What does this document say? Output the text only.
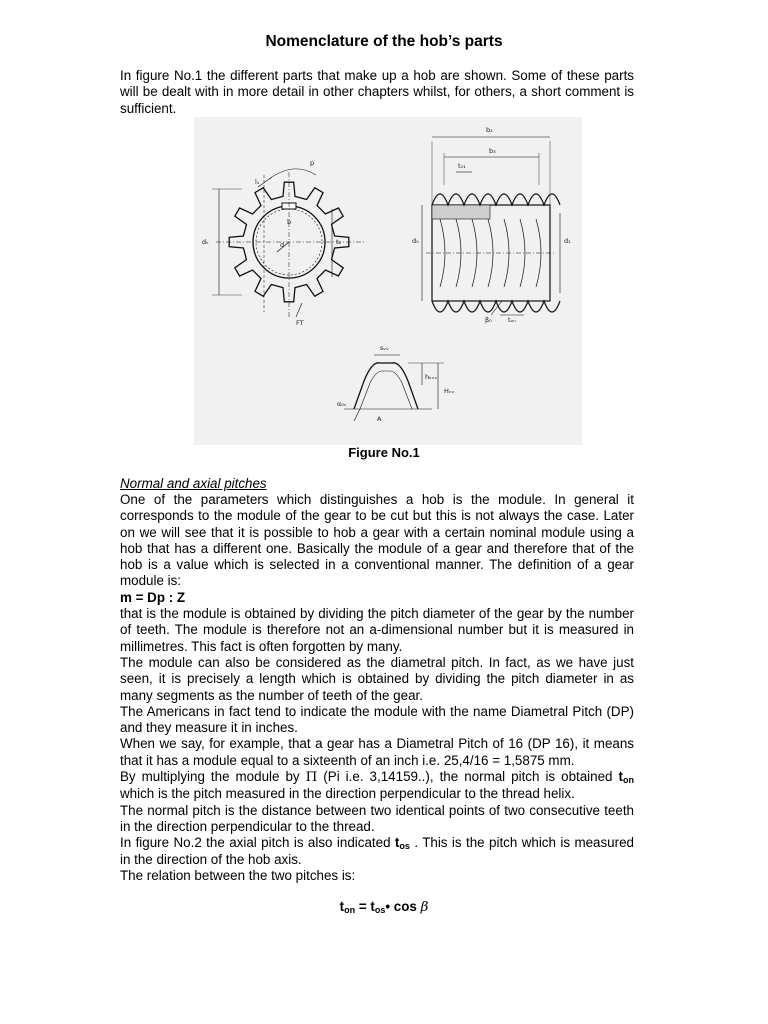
Nomenclature of the hob’s parts
In figure No.1 the different parts that make up a hob are shown. Some of these parts will be dealt with in more detail in other chapters whilst, for others, a short comment is sufficient.
p
l₁
dₖ
b
d	t₂
FT
b₂
b₃
t₀₁
d₀	d₁
β₀ tₒₙ
sᵥᵥ
hₖᵥᵥ
Hᵥᵥ
α₀ₙ
A
Figure No.1
Normal and axial pitches

One of the parameters which distinguishes a hob is the module. In general it corresponds to the module of the gear to be cut but this is not always the case. Later on we will see that it is possible to hob a gear with a certain nominal module using a hob that has a different one. Basically the module of a gear and therefore that of the hob is a value which is selected in a conventional manner. The definition of a gear module is:

m = Dp : Z

that is the module is obtained by dividing the pitch diameter of the gear by the number of teeth. The module is therefore not an a-dimensional number but it is measured in millimetres. This fact is often forgotten by many.

The module can also be considered as the diametral pitch. In fact, as we have just seen, it is precisely a length which is obtained by dividing the pitch diameter in as many segments as the number of teeth of the gear.

The Americans in fact tend to indicate the module with the name Diametral Pitch (DP) and they measure it in inches.

When we say, for example, that a gear has a Diametral Pitch of 16 (DP 16), it means that it has a module equal to a sixteenth of an inch i.e. 25,4/16 = 1,5875 mm.

By multiplying the module by Π (Pi i.e. 3,14159..), the normal pitch is obtained $t_{on}$ which is the pitch measured in the direction perpendicular to the thread helix.

The normal pitch is the distance between two identical points of two consecutive teeth in the direction perpendicular to the thread.

In figure No.2 the axial pitch is also indicated $t_{os}$ . This is the pitch which is measured in the direction of the hob axis.

The relation between the two pitches is:

$t_{on}$ = $t_{os}•$ cos β
